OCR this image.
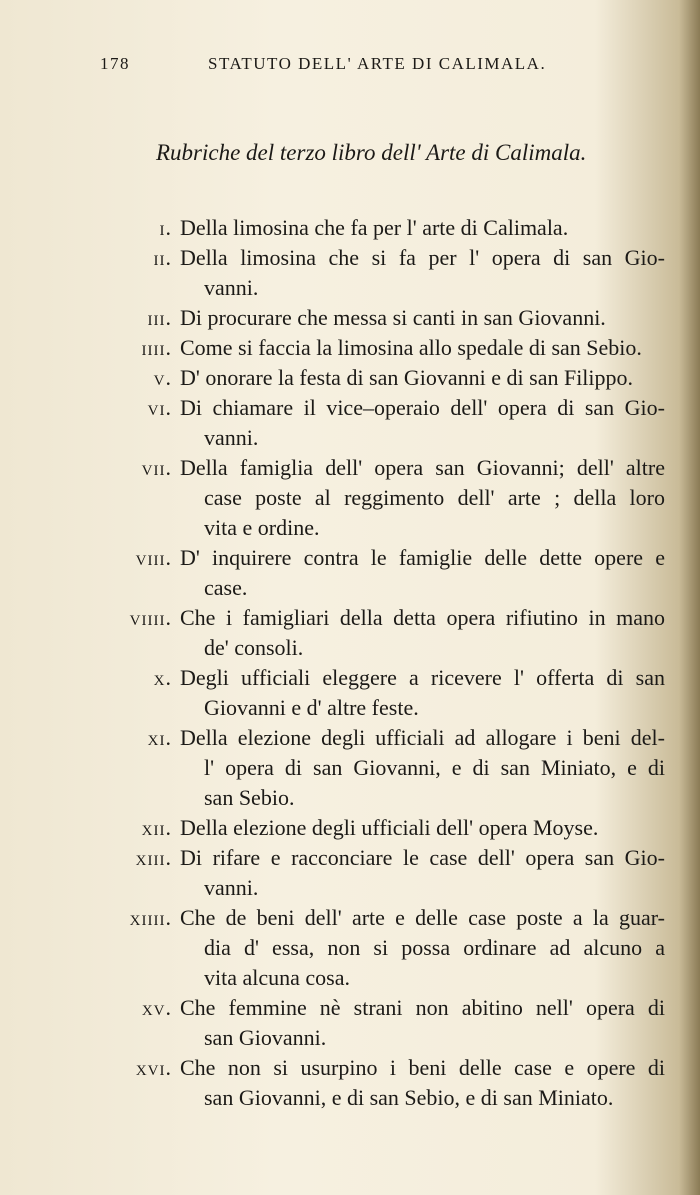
178	STATUTO DELL' ARTE DI CALIMALA.
Rubriche del terzo libro dell' Arte di Calimala.
i. Della limosina che fa per l' arte di Calimala.
ii. Della limosina che si fa per l' opera di san Gio-
vanni.
iii. Di procurare che messa si canti in san Giovanni.
iiii. Come si faccia la limosina allo spedale di san Sebio.
v. D' onorare la festa di san Giovanni e di san Filippo.
vi. Di chiamare il vice–operaio dell' opera di san Gio-
vanni.
vii. Della famiglia dell' opera san Giovanni; dell' altre
case poste al reggimento dell' arte ; della loro
vita e ordine.
viii. D' inquirere contra le famiglie delle dette opere e
case.
viiii. Che i famigliari della detta opera rifiutino in mano
de' consoli.
x. Degli ufficiali eleggere a ricevere l' offerta di san
Giovanni e d' altre feste.
xi. Della elezione degli ufficiali ad allogare i beni del-
l' opera di san Giovanni, e di san Miniato, e di
san Sebio.
xii. Della elezione degli ufficiali dell' opera Moyse.
xiii. Di rifare e racconciare le case dell' opera san Gio-
vanni.
xiiii. Che de beni dell' arte e delle case poste a la guar-
dia d' essa, non si possa ordinare ad alcuno a
vita alcuna cosa.
xv. Che femmine nè strani non abitino nell' opera di
san Giovanni.
xvi. Che non si usurpino i beni delle case e opere di
san Giovanni, e di san Sebio, e di san Miniato.
